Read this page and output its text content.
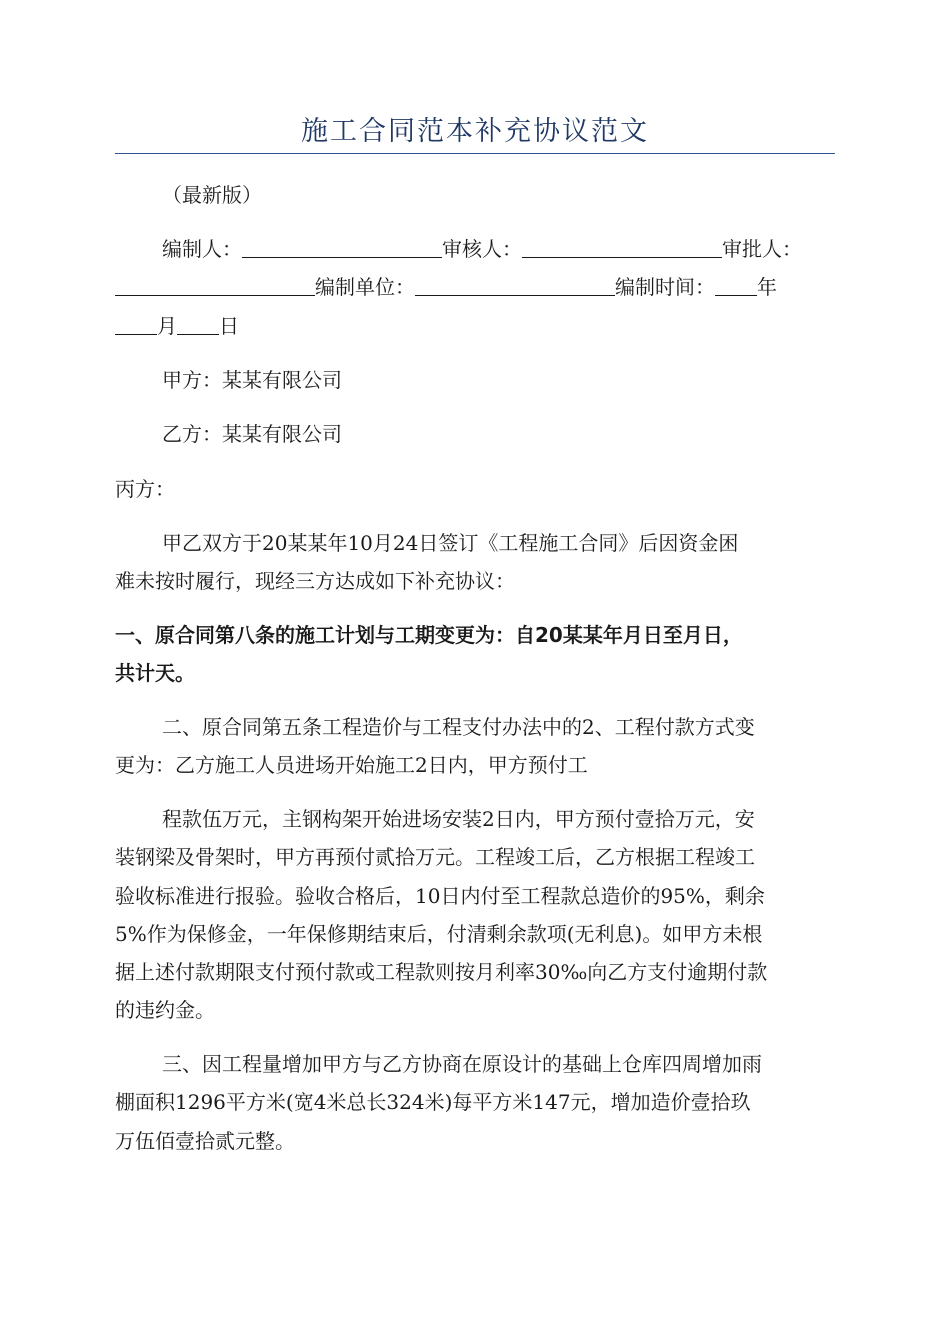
施工合同范本补充协议范文
（最新版）
编制人：	审核人：	审批人：
编制单位：	编制时间： 年
月 日
甲方：某某有限公司
乙方：某某有限公司
丙方：
甲乙双方于20某某年10月24日签订《工程施工合同》后因资金困
难未按时履行，现经三方达成如下补充协议：
一、原合同第八条的施工计划与工期变更为：自20某某年月日至月日，
共计天。
二、原合同第五条工程造价与工程支付办法中的2、工程付款方式变
更为：乙方施工人员进场开始施工2日内，甲方预付工
程款伍万元，主钢构架开始进场安装2日内，甲方预付壹拾万元，安
装钢梁及骨架时，甲方再预付贰拾万元。工程竣工后，乙方根据工程竣工
验收标准进行报验。验收合格后，10日内付至工程款总造价的95%，剩余
5%作为保修金，一年保修期结束后，付清剩余款项(无利息)。如甲方未根
据上述付款期限支付预付款或工程款则按月利率30‰向乙方支付逾期付款
的违约金。
三、因工程量增加甲方与乙方协商在原设计的基础上仓库四周增加雨
棚面积1296平方米(宽4米总长324米)每平方米147元，增加造价壹拾玖
万伍佰壹拾贰元整。
